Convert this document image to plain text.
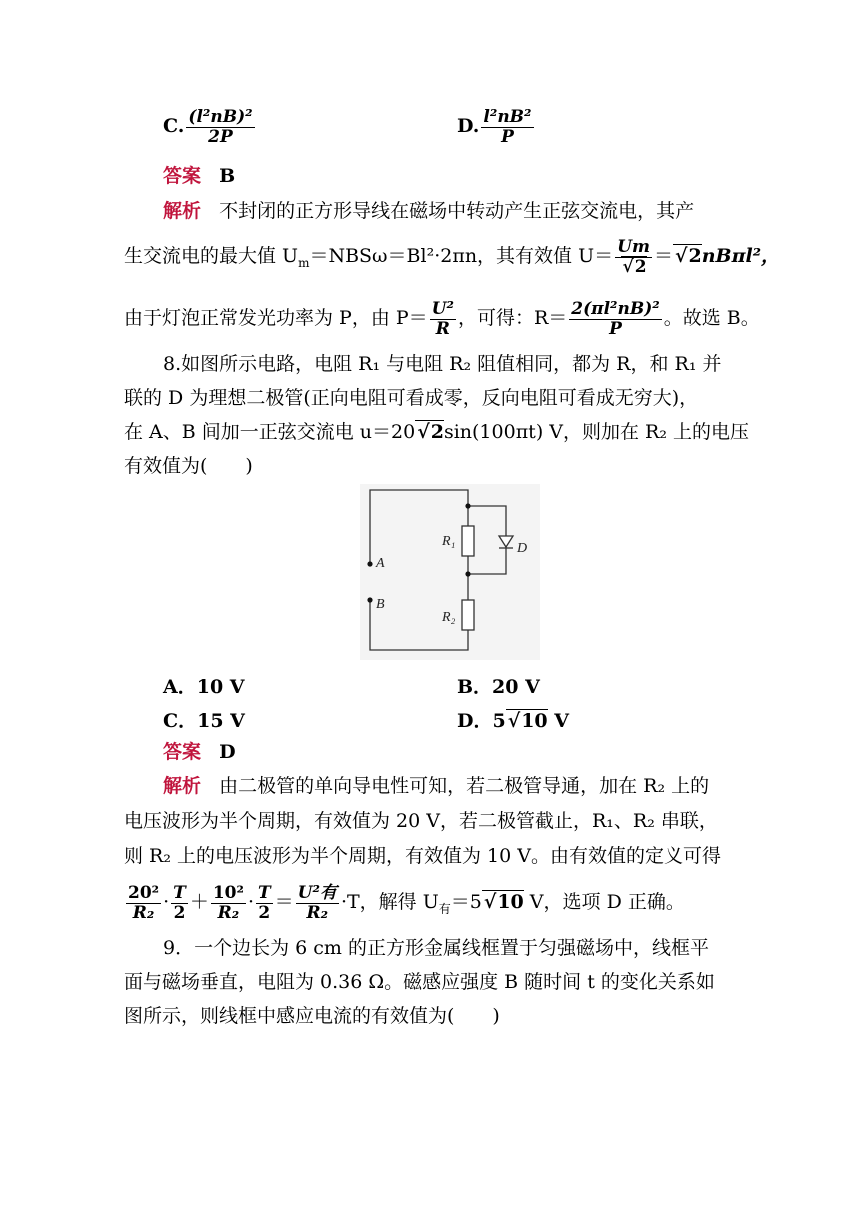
C. $\frac{\text{(l²nB)²}}{2P}$	D. $\frac{\text{l²nB²}}{P}$
答案 B
解析 不封闭的正方形导线在磁场中转动产生正弦交流电，其产
生交流电的最大值 $U_m=NBS\omega=Bl^2\cdot 2\pi n$，其有效值 U＝ Um
√ 2 ＝√ 2nBπl²，
由于灯泡正常发光功率为 P，由 $P= \frac{\text{U²}}{R}$ ，可得：$R= \frac{\text{2(πl²nB)²}}{P}$ 。故选 B。
8.如图所示电路，电阻 R₁ 与电阻 R₂ 阻值相同，都为 R，和 R₁ 并
联的 D 为理想二极管(正向电阻可看成零，反向电阻可看成无穷大)，
在 A、B 间加一正弦交流电 u＝20√ 2sin(100πt) V，则加在 R₂ 上的电压
有效值为(　　)
R₁
R₂
D
A
B
A．10 V	B．20 V
C．15 V	D．5√ 10 V
答案 D
解析 由二极管的单向导电性可知，若二极管导通，加在 R₂ 上的
电压波形为半个周期，有效值为 20 V，若二极管截止，R₁、R₂ 串联，
则 R₂ 上的电压波形为半个周期，有效值为 10 V。由有效值的定义可得
$\frac{\text{20²}}{\text{R₂}} \cdot \frac{T}{2} + \frac{\text{10²}}{\text{R₂}} \cdot \frac{T}{2} = \frac{\text{U²有}}{\text{R₂}} \cdot T$，解得 $U_有=5√$ 10 V，选项 D 正确。
9．一个边长为 6 cm 的正方形金属线框置于匀强磁场中，线框平
面与磁场垂直，电阻为 0.36 Ω。磁感应强度 B 随时间 t 的变化关系如
图所示，则线框中感应电流的有效值为(　　)
